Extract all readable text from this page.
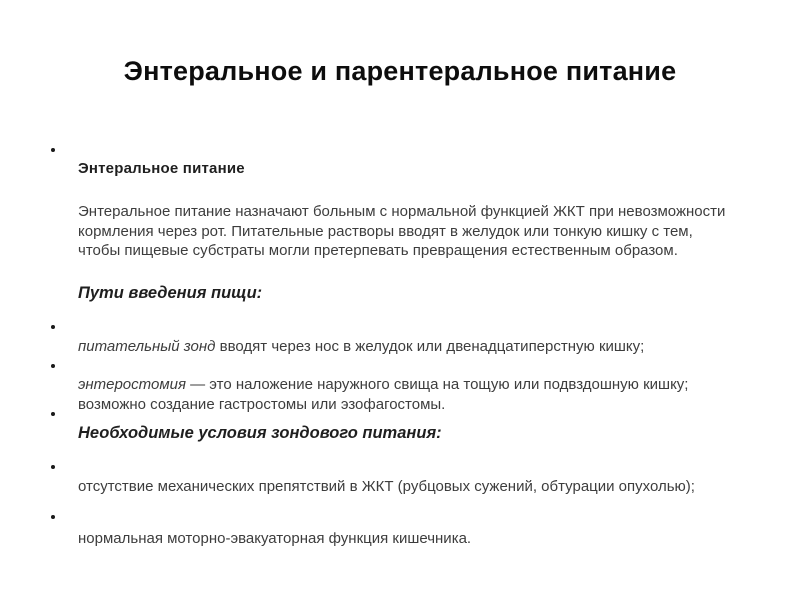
Энтеральное и парентеральное питание
Энтеральное питание
Энтеральное питание назначают больным с нормальной функцией ЖКТ при невозможности кормления через рот. Питательные растворы вводят в желудок или тонкую кишку с тем, чтобы пищевые субстраты могли претерпевать превращения естественным образом.
Пути введения пищи:
питательный зонд вводят через нос в желудок или двенадцатиперстную кишку;
энтеростомия — это наложение наружного свища на тощую или подвздошную кишку; возможно создание гастростомы или эзофагостомы.
Необходимые условия зондового питания:
отсутствие механических препятствий в ЖКТ (рубцовых сужений, обтурации опухолью);
нормальная моторно-эвакуаторная функция кишечника.
